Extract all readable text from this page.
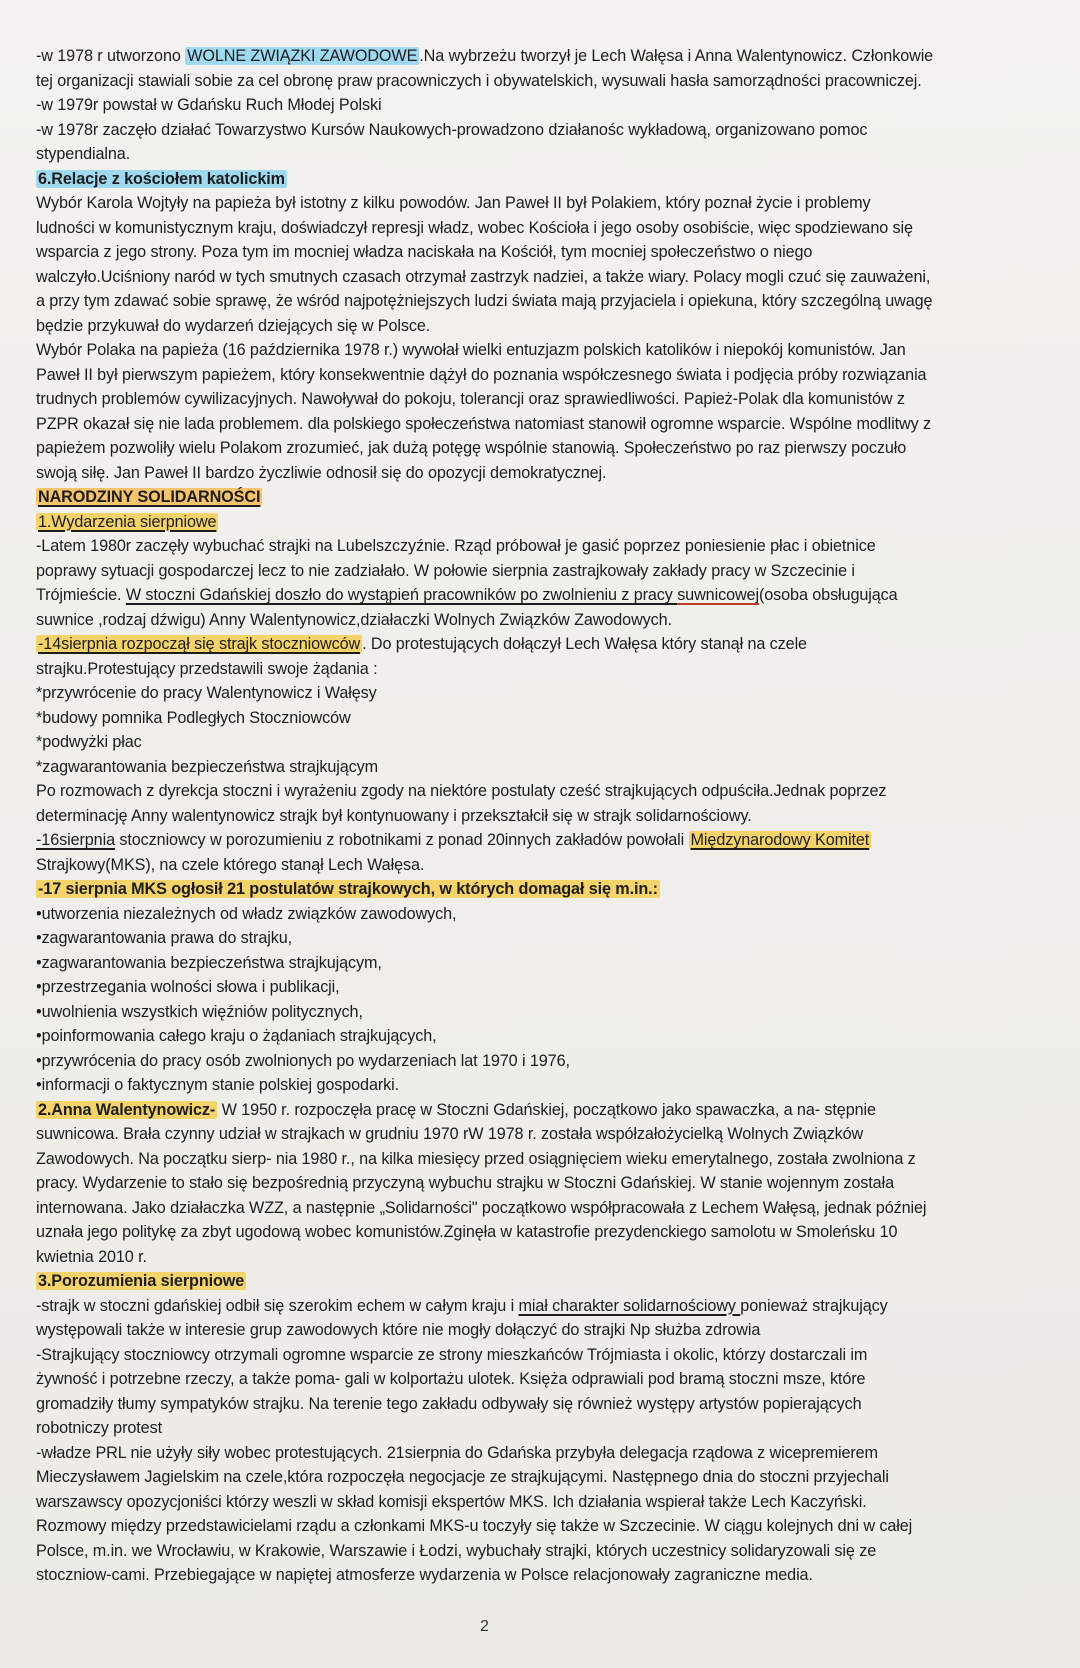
-w 1978 r utworzono WOLNE ZWIĄZKI ZAWODOWE .Na wybrzeżu tworzył je Lech Wałęsa i Anna Walentynowicz. Członkowie
tej organizacji stawiali sobie za cel obronę praw pracowniczych i obywatelskich, wysuwali hasła samorządności pracowniczej.
-w 1979r powstał w Gdańsku Ruch Młodej Polski
-w 1978r zaczęło działać Towarzystwo Kursów Naukowych-prowadzono działanośc wykładową, organizowano pomoc
stypendialna.
6.Relacje z kościołem katolickim
Wybór Karola Wojtyły na papieża był istotny z kilku powodów. Jan Paweł II był Polakiem, który poznał życie i problemy
ludności w komunistycznym kraju, doświadczył represji władz, wobec Kościoła i jego osoby osobiście, więc spodziewano się
wsparcia z jego strony. Poza tym im mocniej władza naciskała na Kościół, tym mocniej społeczeństwo o niego
walczyło.Uciśniony naród w tych smutnych czasach otrzymał zastrzyk nadziei, a także wiary. Polacy mogli czuć się zauważeni,
a przy tym zdawać sobie sprawę, że wśród najpotężniejszych ludzi świata mają przyjaciela i opiekuna, który szczególną uwagę
będzie przykuwał do wydarzeń dziejących się w Polsce.
Wybór Polaka na papieża (16 października 1978 r.) wywołał wielki entuzjazm polskich katolików i niepokój komunistów. Jan
Paweł II był pierwszym papieżem, który konsekwentnie dążył do poznania współczesnego świata i podjęcia próby rozwiązania
trudnych problemów cywilizacyjnych. Nawoływał do pokoju, tolerancji oraz sprawiedliwości. Papież-Polak dla komunistów z
PZPR okazał się nie lada problemem. dla polskiego społeczeństwa natomiast stanowił ogromne wsparcie. Wspólne modlitwy z
papieżem pozwoliły wielu Polakom zrozumieć, jak dużą potęgę wspólnie stanowią. Społeczeństwo po raz pierwszy poczuło
swoją siłę. Jan Paweł II bardzo życzliwie odnosił się do opozycji demokratycznej.
NARODZINY SOLIDARNOŚCI
1.Wydarzenia sierpniowe
-Latem 1980r zaczęły wybuchać strajki na Lubelszczyźnie. Rząd próbował je gasić poprzez poniesienie płac i obietnice
poprawy sytuacji gospodarczej lecz to nie zadziałało. W połowie sierpnia zastrajkowały zakłady pracy w Szczecinie i
Trójmieście. W stoczni Gdańskiej doszło do wystąpień pracowników po zwolnieniu z pracy suwnicowej(osoba obsługująca
suwnice ,rodzaj dźwigu) Anny Walentynowicz,działaczki Wolnych Związków Zawodowych.
-14sierpnia rozpoczął się strajk stoczniowców . Do protestujących dołączył Lech Wałęsa który stanął na czele
strajku.Protestujący przedstawili swoje żądania :
*przywrócenie do pracy Walentynowicz i Wałęsy
*budowy pomnika Podległych Stoczniowców
*podwyżki płac
*zagwarantowania bezpieczeństwa strajkującym
Po rozmowach z dyrekcja stoczni i wyrażeniu zgody na niektóre postulaty cześć strajkujących odpuściła.Jednak poprzez
determinację Anny walentynowicz strajk był kontynuowany i przekształcił się w strajk solidarnościowy.
-16sierpnia stoczniowcy w porozumieniu z robotnikami z ponad 20innych zakładów powołali Międzynarodowy Komitet
Strajkowy(MKS), na czele którego stanął Lech Wałęsa.
-17 sierpnia MKS ogłosił 21 postulatów strajkowych, w których domagał się m.in.:
•utworzenia niezależnych od władz związków zawodowych,
•zagwarantowania prawa do strajku,
•zagwarantowania bezpieczeństwa strajkującym,
•przestrzegania wolności słowa i publikacji,
•uwolnienia wszystkich więźniów politycznych,
•poinformowania całego kraju o żądaniach strajkujących,
•przywrócenia do pracy osób zwolnionych po wydarzeniach lat 1970 i 1976,
•informacji o faktycznym stanie polskiej gospodarki.
2.Anna Walentynowicz- W 1950 r. rozpoczęła pracę w Stoczni Gdańskiej, początkowo jako spawaczka, a na- stępnie
suwnicowa. Brała czynny udział w strajkach w grudniu 1970 rW 1978 r. została współzałożycielką Wolnych Związków
Zawodowych. Na początku sierp- nia 1980 r., na kilka miesięcy przed osiągnięciem wieku emerytalnego, została zwolniona z
pracy. Wydarzenie to stało się bezpośrednią przyczyną wybuchu strajku w Stoczni Gdańskiej. W stanie wojennym została
internowana. Jako działaczka WZZ, a następnie „Solidarności" początkowo współpracowała z Lechem Wałęsą, jednak później
uznała jego politykę za zbyt ugodową wobec komunistów.Zginęła w katastrofie prezydenckiego samolotu w Smoleńsku 10
kwietnia 2010 r.
3.Porozumienia sierpniowe
-strajk w stoczni gdańskiej odbił się szerokim echem w całym kraju i miał charakter solidarnościowy ponieważ strajkujący
występowali także w interesie grup zawodowych które nie mogły dołączyć do strajki Np służba zdrowia
-Strajkujący stoczniowcy otrzymali ogromne wsparcie ze strony mieszkańców Trójmiasta i okolic, którzy dostarczali im
żywność i potrzebne rzeczy, a także poma- gali w kolportażu ulotek. Księża odprawiali pod bramą stoczni msze, które
gromadziły tłumy sympatyków strajku. Na terenie tego zakładu odbywały się również występy artystów popierających
robotniczy protest
-władze PRL nie użyły siły wobec protestujących. 21sierpnia do Gdańska przybyła delegacja rządowa z wicepremierem
Mieczysławem Jagielskim na czele,która rozpoczęła negocjacje ze strajkującymi. Następnego dnia do stoczni przyjechali
warszawscy opozycjoniści którzy weszli w skład komisji ekspertów MKS. Ich działania wspierał także Lech Kaczyński.
Rozmowy między przedstawicielami rządu a członkami MKS-u toczyły się także w Szczecinie. W ciągu kolejnych dni w całej
Polsce, m.in. we Wrocławiu, w Krakowie, Warszawie i Łodzi, wybuchały strajki, których uczestnicy solidaryzowali się ze
stoczniow-cami. Przebiegające w napiętej atmosferze wydarzenia w Polsce relacjonowały zagraniczne media.
2
